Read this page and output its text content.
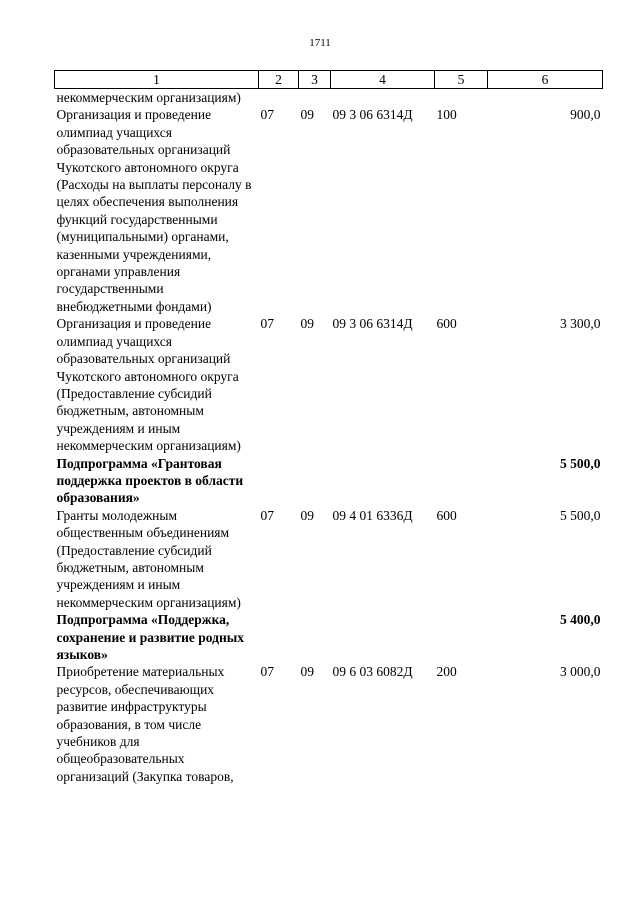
1711
1	2	3	4	5	6
некоммерческим организациям)					
Организация и проведение олимпиад учащихся образовательных организаций Чукотского автономного округа (Расходы на выплаты персоналу в целях обеспечения выполнения функций государственными (муниципальными) органами, казенными учреждениями, органами управления государственными внебюджетными фондами)	07	09	09 3 06 6314Д	100	900,0
Организация и проведение олимпиад учащихся образовательных организаций Чукотского автономного округа (Предоставление субсидий бюджетным, автономным учреждениям и иным некоммерческим организациям)	07	09	09 3 06 6314Д	600	3 300,0
Подпрограмма «Грантовая поддержка проектов в области образования»					5 500,0
Гранты молодежным общественным объединениям (Предоставление субсидий бюджетным, автономным учреждениям и иным некоммерческим организациям)	07	09	09 4 01 6336Д	600	5 500,0
Подпрограмма «Поддержка, сохранение и развитие родных языков»					5 400,0
Приобретение материальных ресурсов, обеспечивающих развитие инфраструктуры образования, в том числе учебников для общеобразовательных организаций (Закупка товаров,	07	09	09 6 03 6082Д	200	3 000,0
